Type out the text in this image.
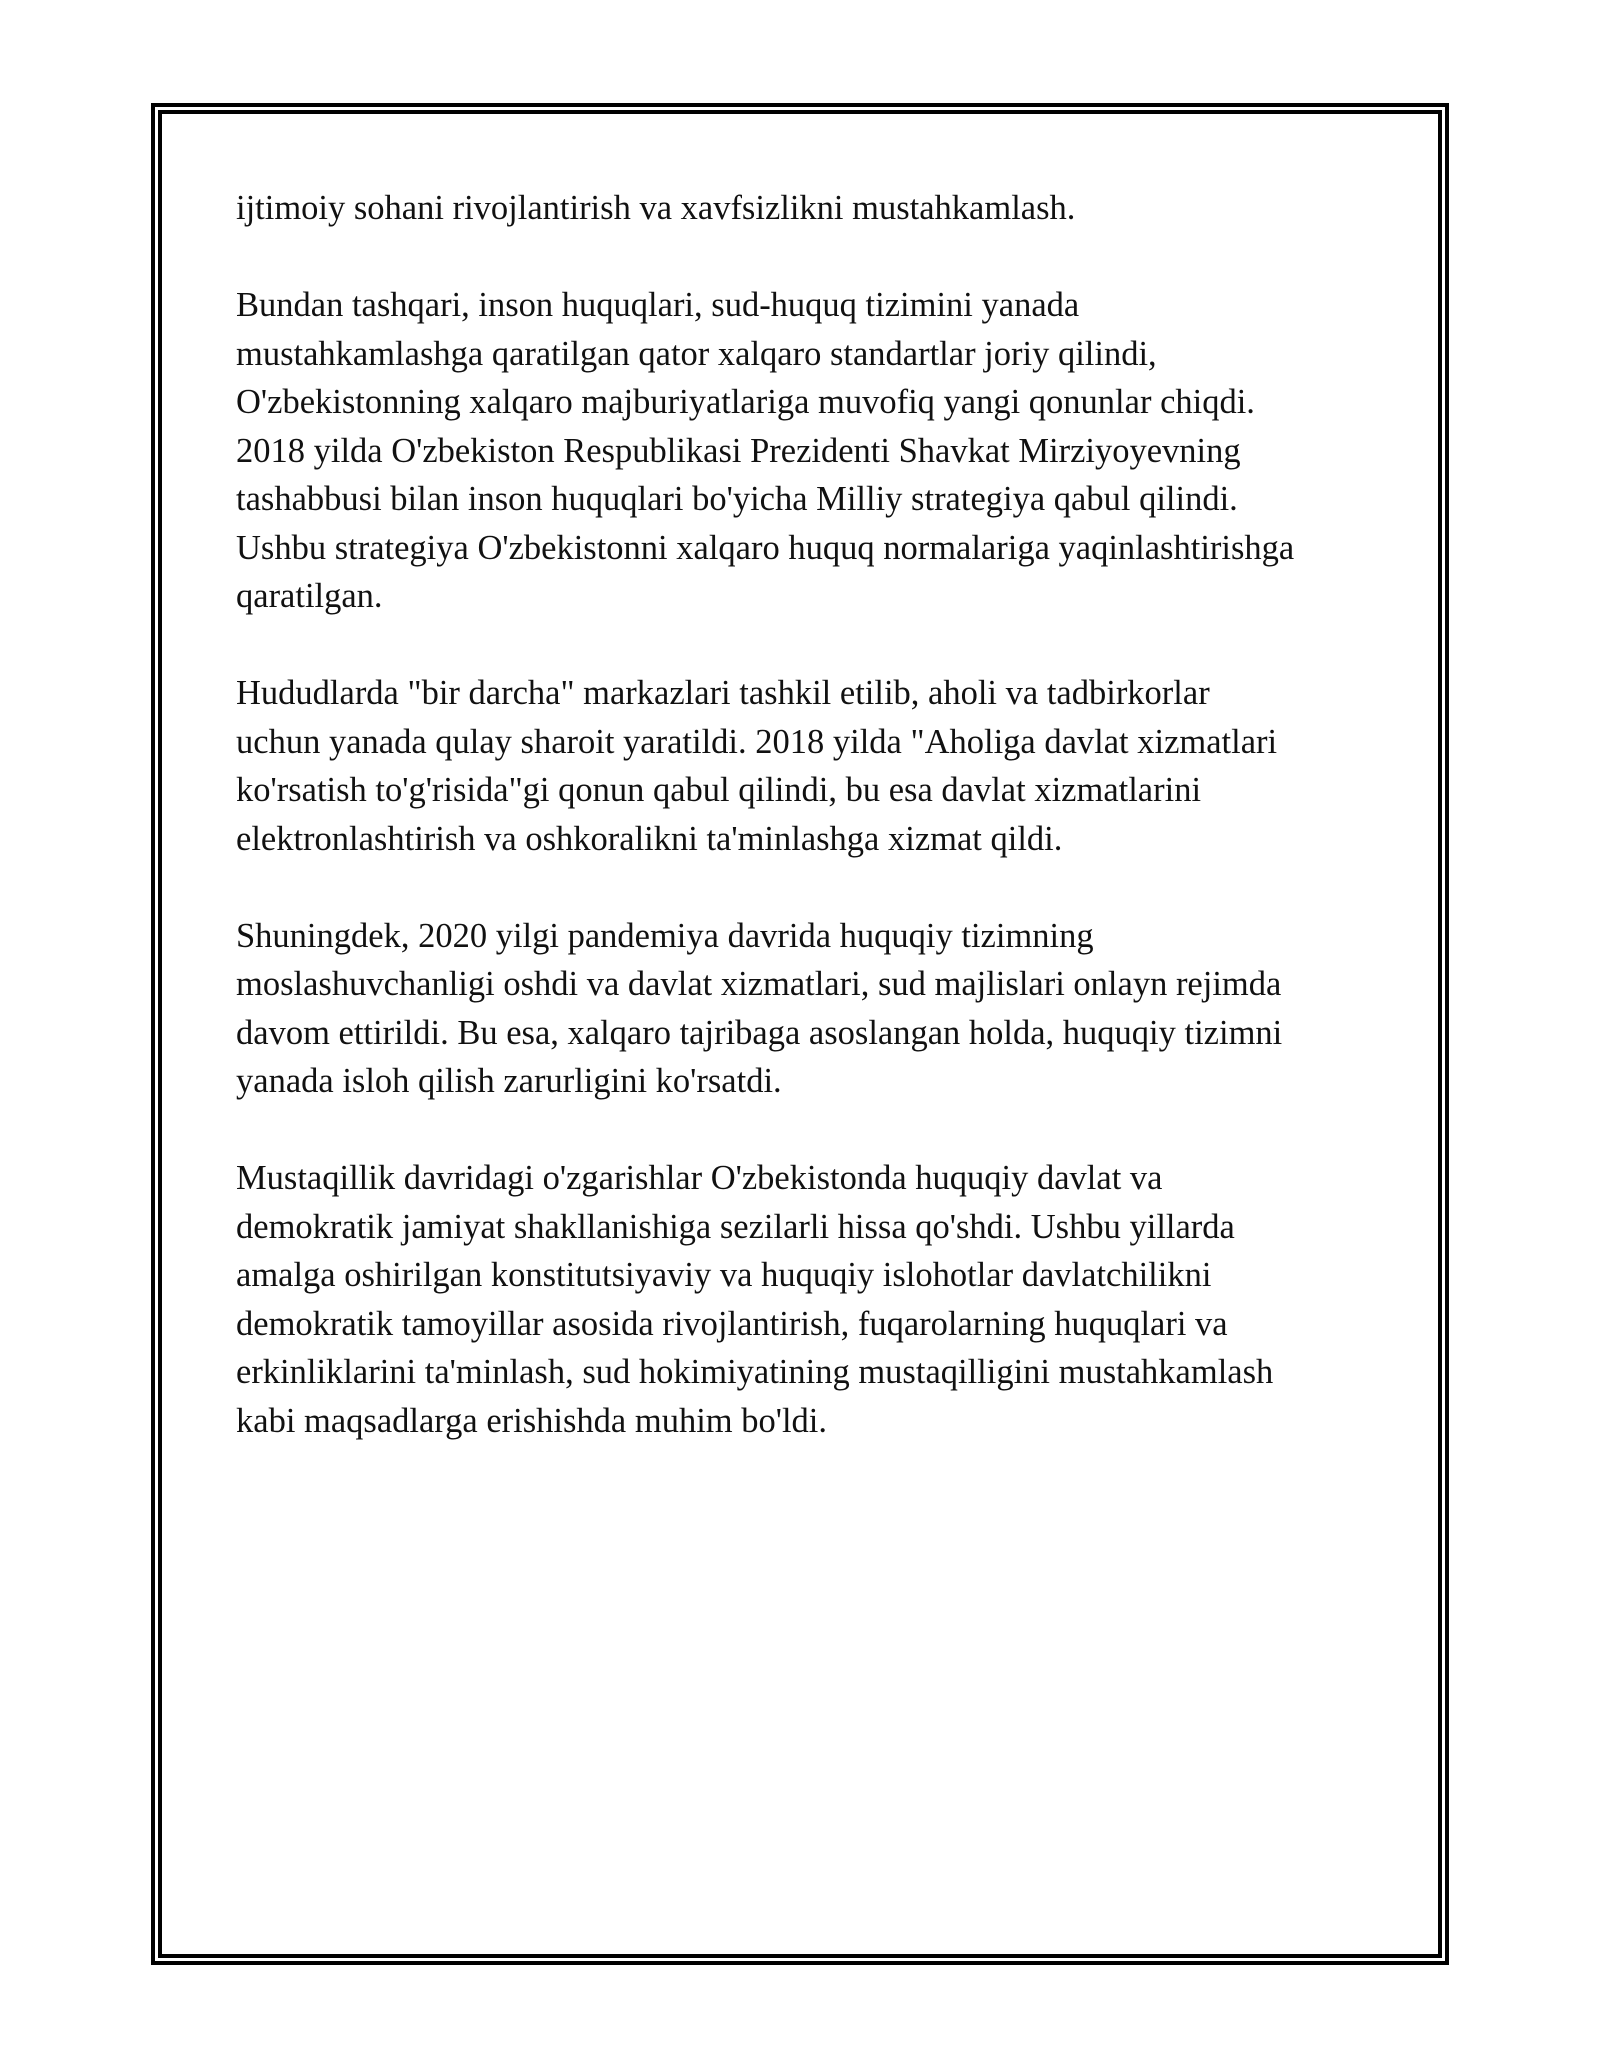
ijtimoiy sohani rivojlantirish va xavfsizlikni mustahkamlash.

Bundan tashqari, inson huquqlari, sud-huquq tizimini yanada
mustahkamlashga qaratilgan qator xalqaro standartlar joriy qilindi,
O'zbekistonning xalqaro majburiyatlariga muvofiq yangi qonunlar chiqdi.
2018 yilda O'zbekiston Respublikasi Prezidenti Shavkat Mirziyoyevning
tashabbusi bilan inson huquqlari bo'yicha Milliy strategiya qabul qilindi.
Ushbu strategiya O'zbekistonni xalqaro huquq normalariga yaqinlashtirishga
qaratilgan.

Hududlarda "bir darcha" markazlari tashkil etilib, aholi va tadbirkorlar
uchun yanada qulay sharoit yaratildi. 2018 yilda "Aholiga davlat xizmatlari
ko'rsatish to'g'risida"gi qonun qabul qilindi, bu esa davlat xizmatlarini
elektronlashtirish va oshkoralikni ta'minlashga xizmat qildi.

Shuningdek, 2020 yilgi pandemiya davrida huquqiy tizimning
moslashuvchanligi oshdi va davlat xizmatlari, sud majlislari onlayn rejimda
davom ettirildi. Bu esa, xalqaro tajribaga asoslangan holda, huquqiy tizimni
yanada isloh qilish zarurligini ko'rsatdi.

Mustaqillik davridagi o'zgarishlar O'zbekistonda huquqiy davlat va
demokratik jamiyat shakllanishiga sezilarli hissa qo'shdi. Ushbu yillarda
amalga oshirilgan konstitutsiyaviy va huquqiy islohotlar davlatchilikni
demokratik tamoyillar asosida rivojlantirish, fuqarolarning huquqlari va
erkinliklarini ta'minlash, sud hokimiyatining mustaqilligini mustahkamlash
kabi maqsadlarga erishishda muhim bo'ldi.
